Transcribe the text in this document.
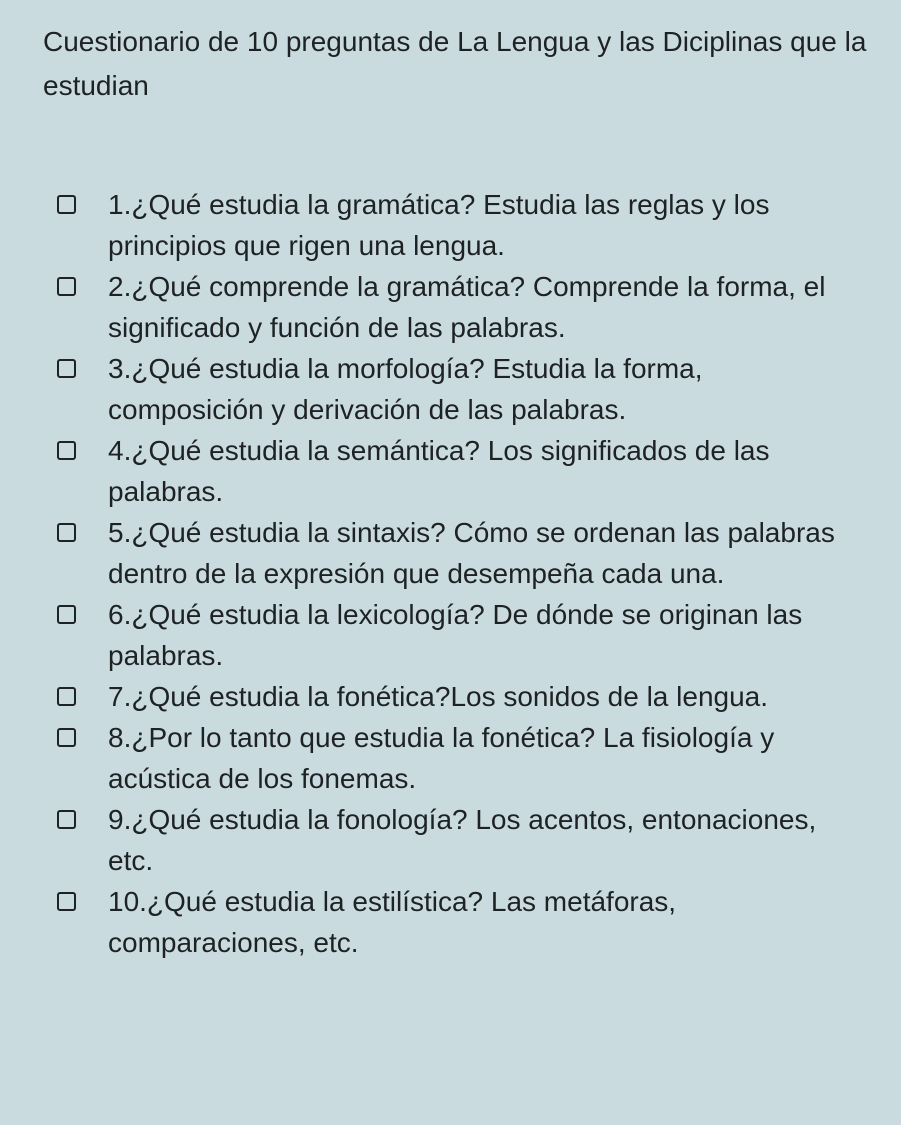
Cuestionario de 10 preguntas de La Lengua y las Diciplinas que la estudian
1.¿Qué estudia la gramática? Estudia las reglas y los principios que rigen una lengua.
2.¿Qué comprende la gramática? Comprende la forma, el significado y función de las palabras.
3.¿Qué estudia la morfología? Estudia la forma, composición y derivación de las palabras.
4.¿Qué estudia la semántica? Los significados de las palabras.
5.¿Qué estudia la sintaxis? Cómo se ordenan las palabras dentro de la expresión que desempeña cada una.
6.¿Qué estudia la lexicología? De dónde se originan las palabras.
7.¿Qué estudia la fonética?Los sonidos de la lengua.
8.¿Por lo tanto que estudia la fonética? La fisiología y acústica de los fonemas.
9.¿Qué estudia la fonología? Los acentos, entonaciones, etc.
10.¿Qué estudia la estilística? Las metáforas, comparaciones, etc.
